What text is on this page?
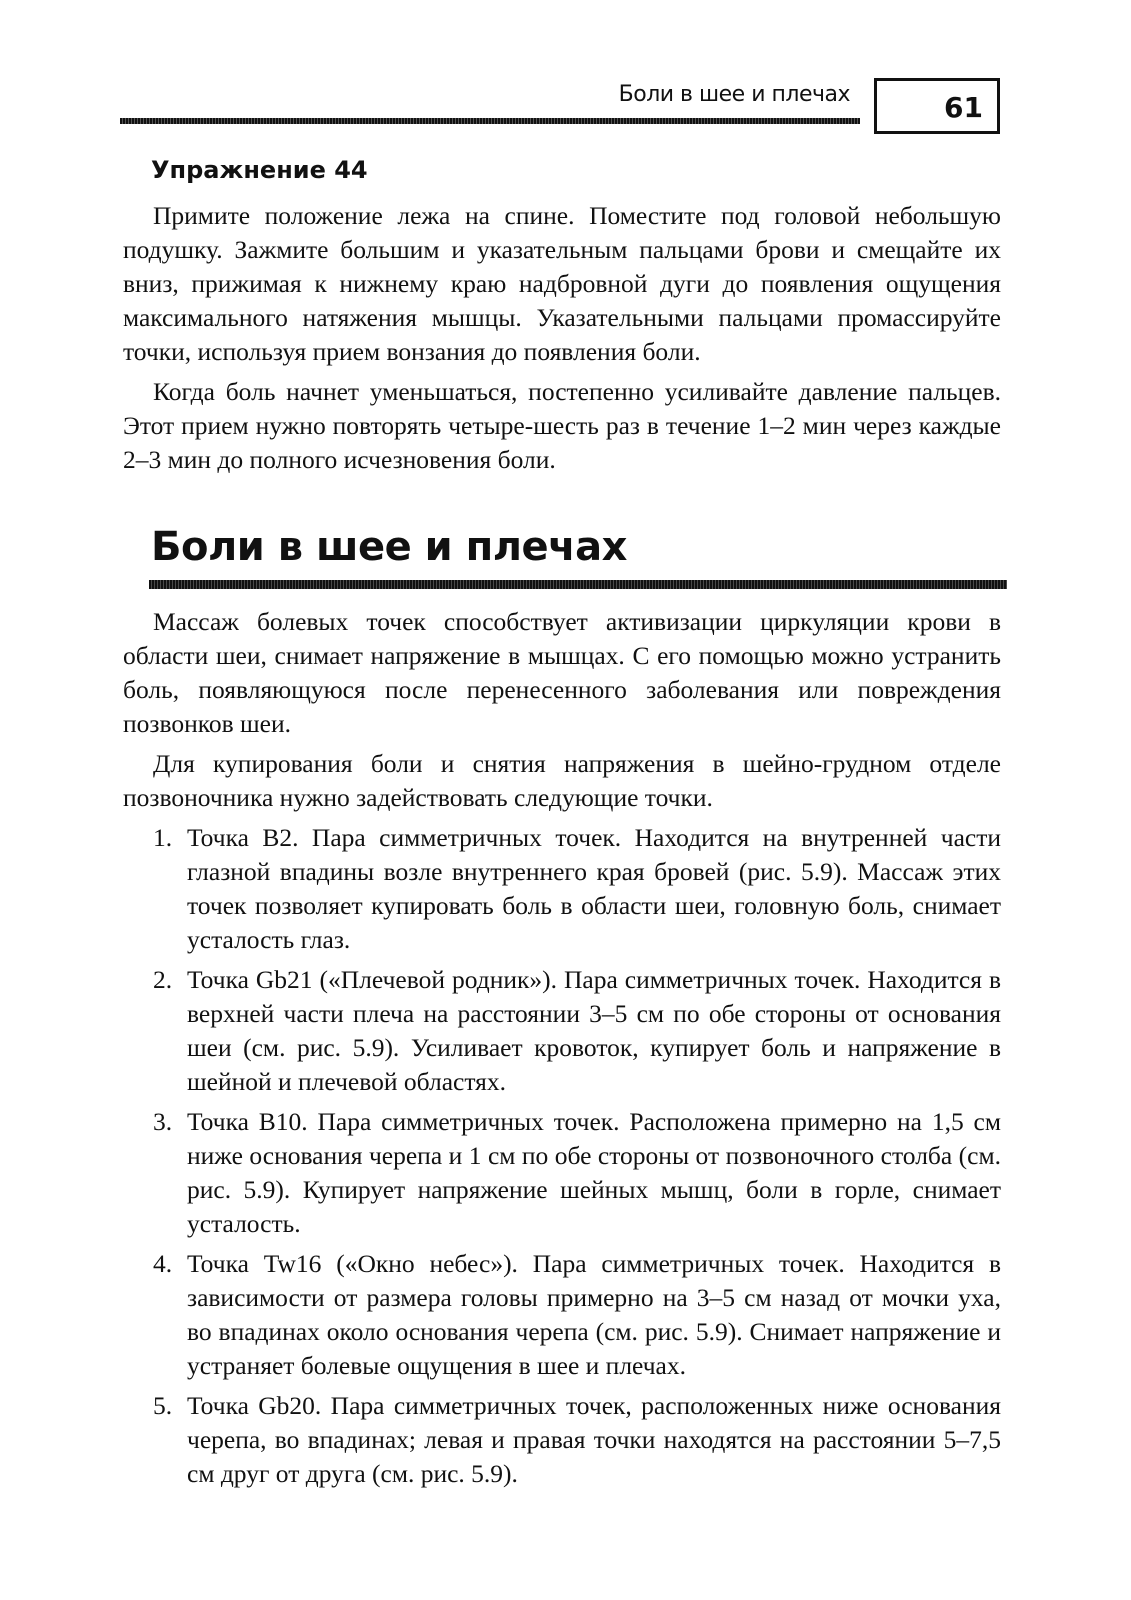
Боли в шее и плечах	61
Упражнение 44

Примите положение лежа на спине. Поместите под головой небольшую подушку. Зажмите большим и указательным пальцами брови и смещайте их вниз, прижимая к нижнему краю надбровной дуги до появления ощущения максимального натяжения мышцы. Указательными пальцами промассируйте точки, используя прием вонзания до появления боли.

Когда боль начнет уменьшаться, постепенно усиливайте давление пальцев. Этот прием нужно повторять четыре-шесть раз в течение 1–2 мин через каждые 2–3 мин до полного исчезновения боли.

Боли в шее и плечах

Массаж болевых точек способствует активизации циркуляции крови в области шеи, снимает напряжение в мышцах. С его помощью можно устранить боль, появляющуюся после перенесенного заболевания или повреждения позвонков шеи.

Для купирования боли и снятия напряжения в шейно-грудном отделе позвоночника нужно задействовать следующие точки.

1. Точка B2. Пара симметричных точек. Находится на внутренней части глазной впадины возле внутреннего края бровей (рис. 5.9). Массаж этих точек позволяет купировать боль в области шеи, головную боль, снимает усталость глаз.
2. Точка Gb21 («Плечевой родник»). Пара симметричных точек. Находится в верхней части плеча на расстоянии 3–5 см по обе стороны от основания шеи (см. рис. 5.9). Усиливает кровоток, купирует боль и напряжение в шейной и плечевой областях.
3. Точка B10. Пара симметричных точек. Расположена примерно на 1,5 см ниже основания черепа и 1 см по обе стороны от позвоночного столба (см. рис. 5.9). Купирует напряжение шейных мышц, боли в горле, снимает усталость.
4. Точка Tw16 («Окно небес»). Пара симметричных точек. Находится в зависимости от размера головы примерно на 3–5 см назад от мочки уха, во впадинах около основания черепа (см. рис. 5.9). Снимает напряжение и устраняет болевые ощущения в шее и плечах.
5. Точка Gb20. Пара симметричных точек, расположенных ниже основания черепа, во впадинах; левая и правая точки находятся на расстоянии 5–7,5 см друг от друга (см. рис. 5.9).
